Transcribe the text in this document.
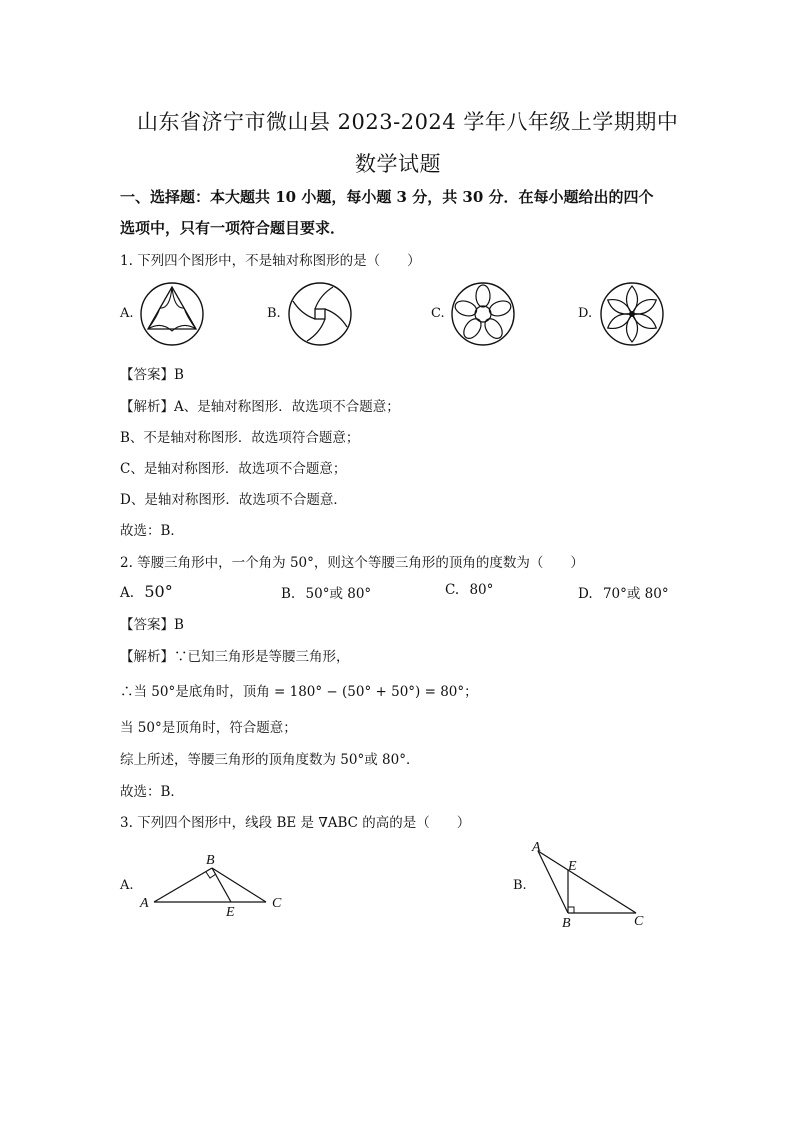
山东省济宁市微山县 2023-2024 学年八年级上学期期中
数学试题
一、选择题：本大题共 10 小题，每小题 3 分，共 30 分．在每小题给出的四个
选项中，只有一项符合题目要求．
1. 下列四个图形中，不是轴对称图形的是（　　）
A.	B.	C.	D.
【答案】B
【解析】A、是轴对称图形．故选项不合题意；
B、不是轴对称图形．故选项符合题意；
C、是轴对称图形．故选项不合题意；
D、是轴对称图形．故选项不合题意．
故选：B．
2. 等腰三角形中，一个角为 50°，则这个等腰三角形的顶角的度数为（　　）
A. 50°	B. 50°或 80°	C. 80°	D. 70°或 80°
【答案】B
【解析】∵已知三角形是等腰三角形，
∴当 50°是底角时，顶角 = 180° − (50° + 50°) = 80°；
当 50°是顶角时，符合题意；
综上所述，等腰三角形的顶角度数为 50°或 80°．
故选：B．
3. 下列四个图形中，线段 BE 是 ∇ABC 的高的是（　　）
A.
A
B
C
E
B.
A
E
B	C
